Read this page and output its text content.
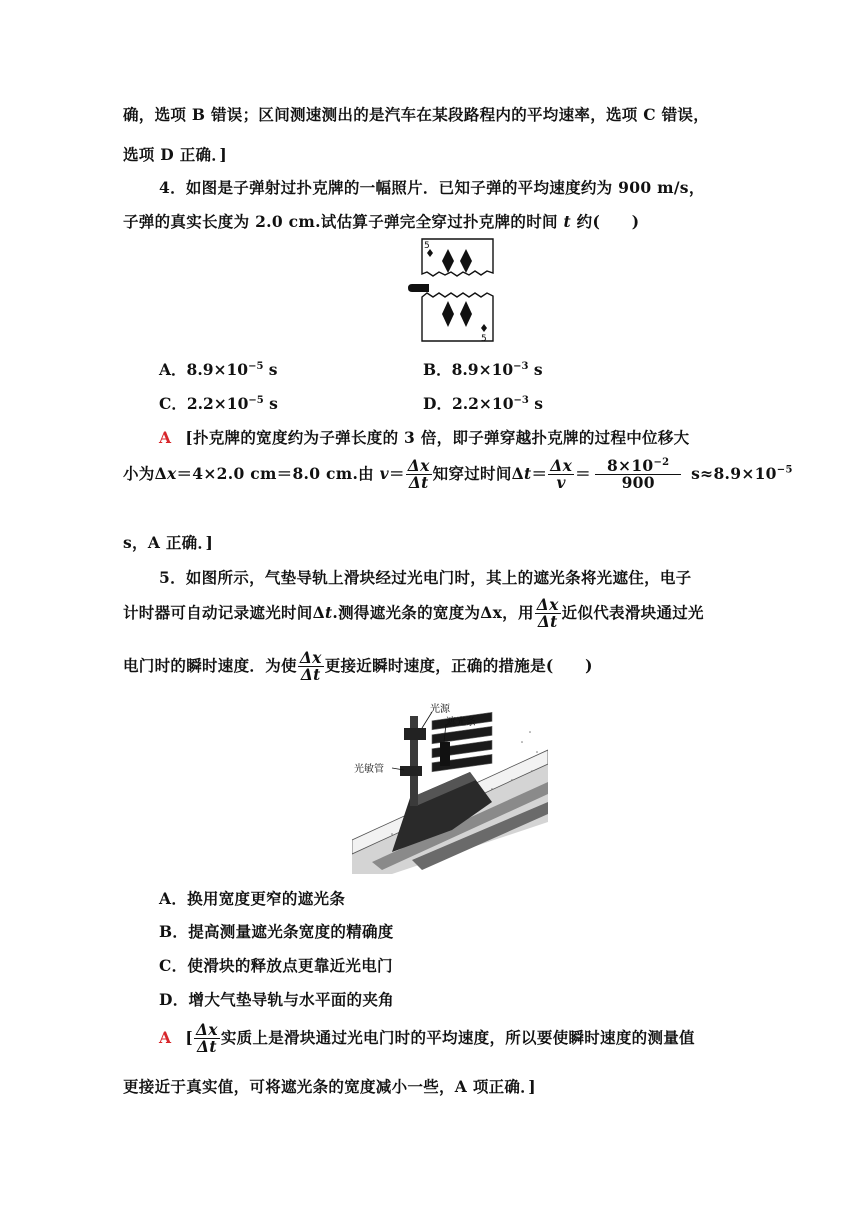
确，选项 B 错误；区间测速测出的是汽车在某段路程内的平均速率，选项 C 错误，
选项 D 正确．]
4．如图是子弹射过扑克牌的一幅照片．已知子弹的平均速度约为 900 m/s，
子弹的真实长度为 2.0 cm.试估算子弹完全穿过扑克牌的时间 t 约(　　)
5
5
A．$8.9\times 10^{-5}$ s	B．$8.9\times 10^{-3}$ s
C．$2.2\times 10^{-5}$ s	D．$2.2\times 10^{-3}$ s
A [扑克牌的宽度约为子弹长度的 3 倍，即子弹穿越扑克牌的过程中位移大
小为Δx＝4×2.0 cm＝8.0 cm.由 $v= \frac{\Delta x}{\Delta t}$ 知穿过时间$\Delta t= \frac{\Delta x}{v} = \frac{8\times 10^{-2}}{900} s\approx 8.9\times 10^{-5}$
s，A 正确．]
5．如图所示，气垫导轨上滑块经过光电门时，其上的遮光条将光遮住，电子
计时器可自动记录遮光时间Δt.测得遮光条的宽度为Δx，用 $\frac{\Delta x}{\Delta t}$ 近似代表滑块通过光
电门时的瞬时速度．为使 $\frac{\Delta x}{\Delta t}$ 更接近瞬时速度，正确的措施是(　　)
光源
遮光条
光敏管
A．换用宽度更窄的遮光条
B．提高测量遮光条宽度的精确度
C．使滑块的释放点更靠近光电门
D．增大气垫导轨与水平面的夹角
A [ $\frac{\Delta x}{\Delta t}$ 实质上是滑块通过光电门时的平均速度，所以要使瞬时速度的测量值
更接近于真实值，可将遮光条的宽度减小一些，A 项正确．]
